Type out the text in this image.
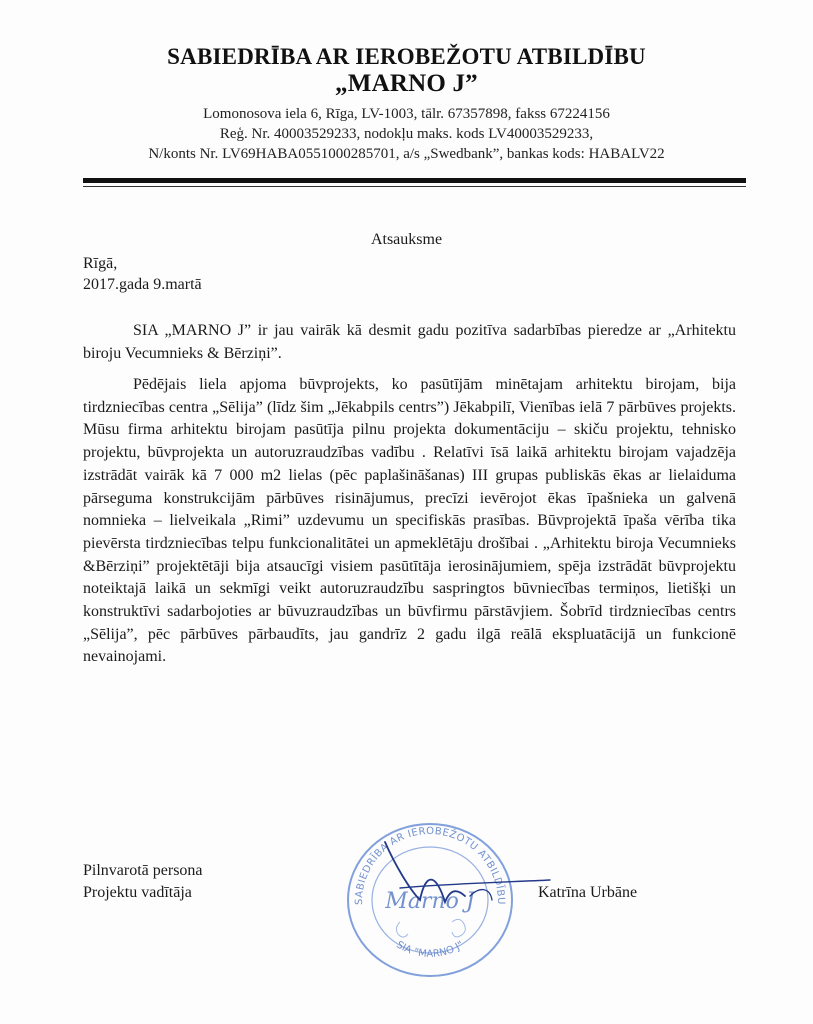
SABIEDRĪBA AR IEROBEŽOTU ATBILDĪBU
„MARNO J”
Lomonosova iela 6, Rīga, LV-1003, tālr. 67357898, fakss 67224156
Reģ. Nr. 40003529233, nodokļu maks. kods LV40003529233,
N/konts Nr. LV69HABA0551000285701, a/s „Swedbank”, bankas kods: HABALV22
Atsauksme
Rīgā,
2017.gada 9.martā

SIA „MARNO J” ir jau vairāk kā desmit gadu pozitīva sadarbības pieredze ar „Arhitektu biroju Vecumnieks & Bērziņi”.

Pēdējais liela apjoma būvprojekts, ko pasūtījām minētajam arhitektu birojam, bija tirdzniecības centra „Sēlija” (līdz šim „Jēkabpils centrs”) Jēkabpilī, Vienības ielā 7 pārbūves projekts. Mūsu firma arhitektu birojam pasūtīja pilnu projekta dokumentāciju – skiču projektu, tehnisko projektu, būvprojekta un autoruzraudzības vadību . Relatīvi īsā laikā arhitektu birojam vajadzēja izstrādāt vairāk kā 7 000 m2 lielas (pēc paplašināšanas) III grupas publiskās ēkas ar lielaiduma pārseguma konstrukcijām pārbūves risinājumus, precīzi ievērojot ēkas īpašnieka un galvenā nomnieka – lielveikala „Rimi” uzdevumu un specifiskās prasības. Būvprojektā īpaša vērība tika pievērsta tirdzniecības telpu funkcionalitātei un apmeklētāju drošībai . „Arhitektu biroja Vecumnieks &Bērziņi” projektētāji bija atsaucīgi visiem pasūtītāja ierosinājumiem, spēja izstrādāt būvprojektu noteiktajā laikā un sekmīgi veikt autoruzraudzību saspringtos būvniecības termiņos, lietišķi un konstruktīvi sadarbojoties ar būvuzraudzības un būvfirmu pārstāvjiem. Šobrīd tirdzniecības centrs „Sēlija”, pēc pārbūves pārbaudīts, jau gandrīz 2 gadu ilgā reālā ekspluatācijā un funkcionē nevainojami.

Pilnvarotā persona
Projektu vadītāja	Katrīna Urbāne
SABIEDRĪBA AR IEROBEŽOTU ATBILDĪBU
SIA "MARNO J"
Marno J
